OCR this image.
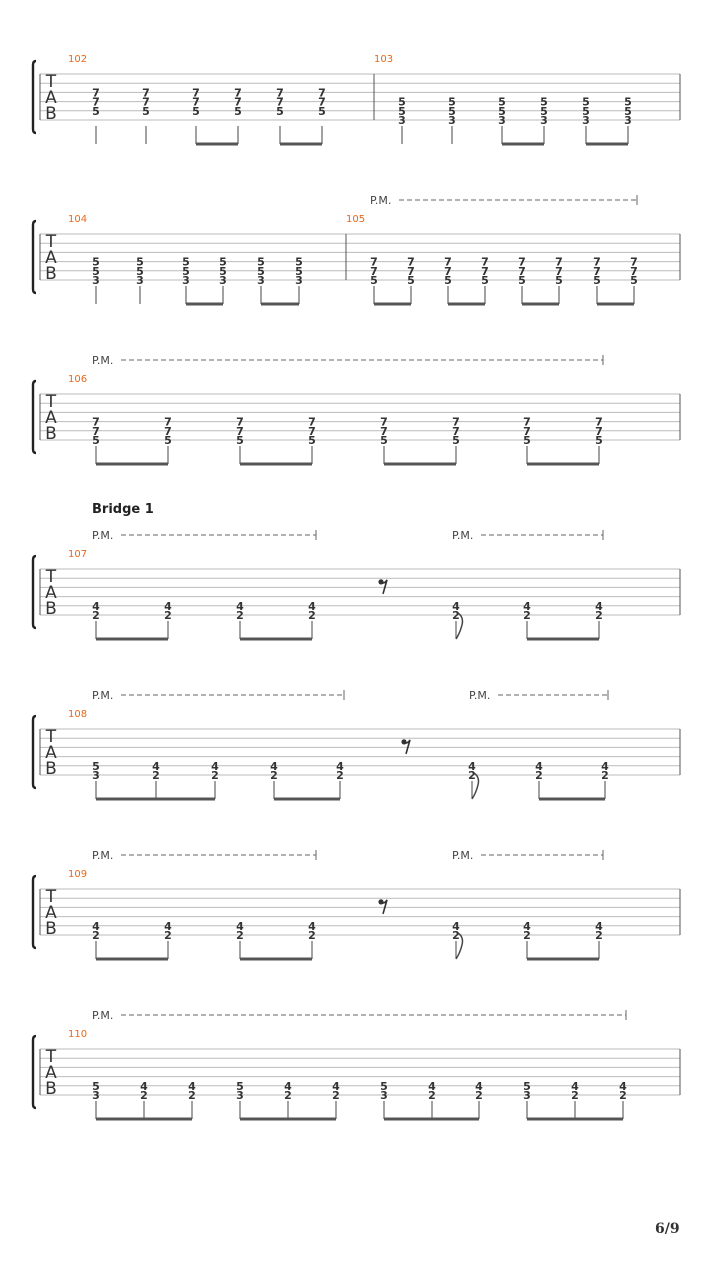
T
A
B
102
7
7
5
7
7
5
7
7
5
7
7
5
7
7
5
7
7
5
103
5
5
3
5
5
3
5
5
3
5
5
3
5
5
3
5
5
3
T
A
B
P.M.
104
5
5
3
5
5
3
5
5
3
5
5
3
5
5
3
5
5
3
105
7
7
5
7
7
5
7
7
5
7
7
5
7
7
5
7
7
5
7
7
5
7
7
5
T
A
B
P.M.
106
7
7
5
7
7
5
7
7
5
7
7
5
7
7
5
7
7
5
7
7
5
7
7
5
T
A
B
P.M.	P.M.
107
4
2
4
2
4
2
4
2
4
2
4
2
4
2
T
A
B
P.M.	P.M.
108
5
3
4
2
4
2
4
2
4
2
4
2
4
2
4
2
T
A
B
P.M.	P.M.
109
4
2
4
2
4
2
4
2
4
2
4
2
4
2
T
A
B
P.M.
110
5
3
4
2
4
2
5
3
4
2
4
2
5
3
4
2
4
2
5
3
4
2
4
2
Bridge 1
6/9
